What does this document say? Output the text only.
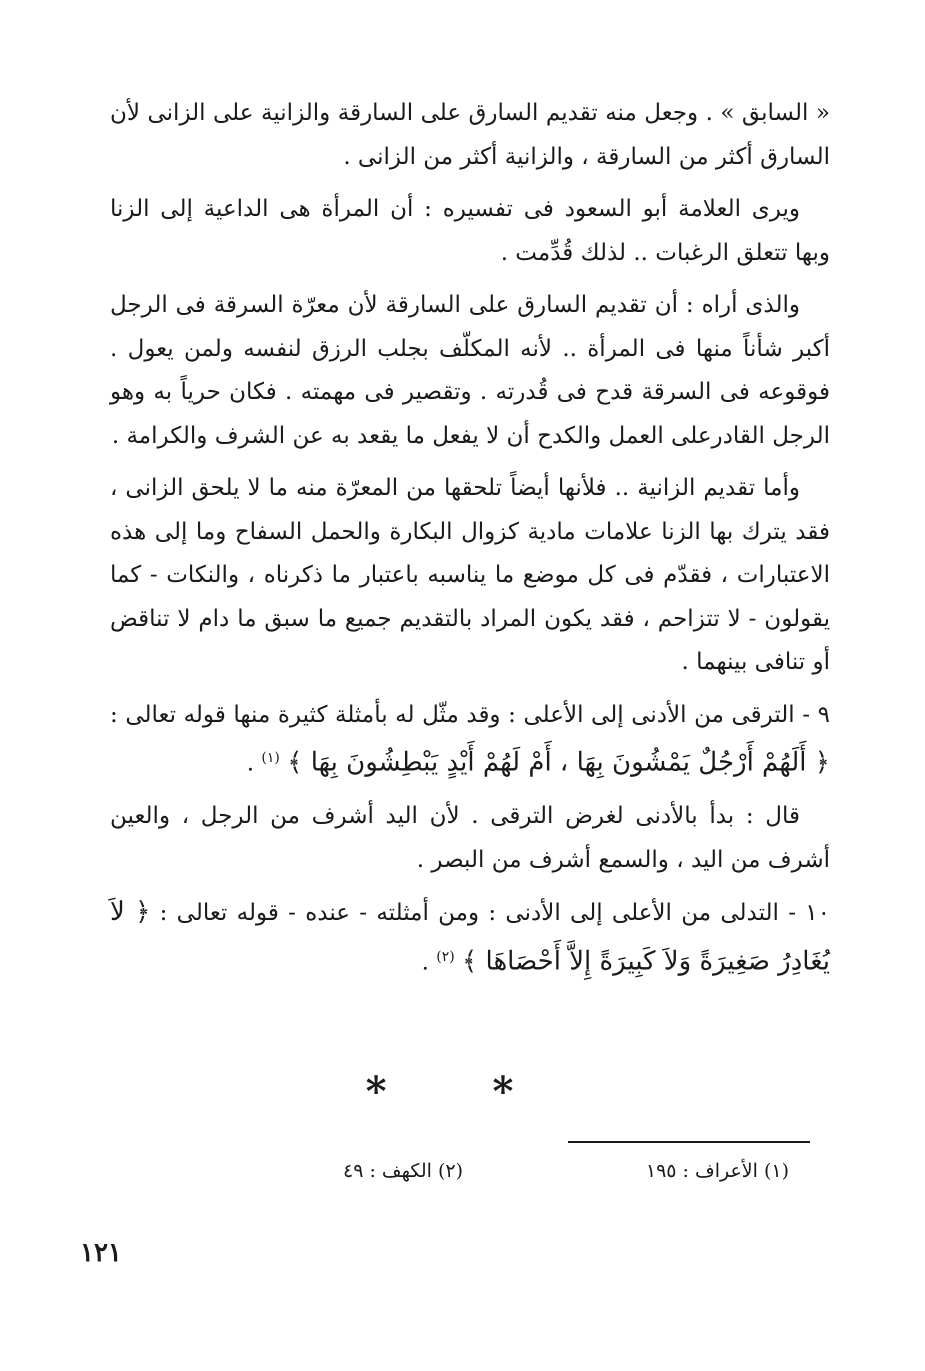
« السابق » . وجعل منه تقديم السارق على السارقة والزانية على الزانى لأن السارق أكثر من السارقة ، والزانية أكثر من الزانى .

ويرى العلامة أبو السعود فى تفسيره : أن المرأة هى الداعية إلى الزنا وبها تتعلق الرغبات .. لذلك قُدِّمت .

والذى أراه : أن تقديم السارق على السارقة لأن معرّة السرقة فى الرجل أكبر شأناً منها فى المرأة .. لأنه المكلّف بجلب الرزق لنفسه ولمن يعول . فوقوعه فى السرقة قدح فى قُدرته . وتقصير فى مهمته . فكان حرياً به وهو الرجل القادرعلى العمل والكدح أن لا يفعل ما يقعد به عن الشرف والكرامة .

وأما تقديم الزانية .. فلأنها أيضاً تلحقها من المعرّة منه ما لا يلحق الزانى ، فقد يترك بها الزنا علامات مادية كزوال البكارة والحمل السفاح وما إلى هذه الاعتبارات ، فقدّم فى كل موضع ما يناسبه باعتبار ما ذكرناه ، والنكات - كما يقولون - لا تتزاحم ، فقد يكون المراد بالتقديم جميع ما سبق ما دام لا تناقض أو تنافى بينهما .

٩ - الترقى من الأدنى إلى الأعلى : وقد مثّل له بأمثلة كثيرة منها قوله تعالى : ﴿ أَلَهُمْ أَرْجُلٌ يَمْشُونَ بِهَا ، أَمْ لَهُمْ أَيْدٍ يَبْطِشُونَ بِهَا ﴾ $^{(١)}$ .

قال : بدأ بالأدنى لغرض الترقى . لأن اليد أشرف من الرجل ، والعين أشرف من اليد ، والسمع أشرف من البصر .

١٠ - التدلى من الأعلى إلى الأدنى : ومن أمثلته - عنده - قوله تعالى : ﴿ لاَ يُغَادِرُ صَغِيرَةً وَلاَ كَبِيرَةً إِلاَّ أَحْصَاهَا ﴾ $^{(٢)}$ .

* *
(١) الأعراف : ١٩٥
(٢) الكهف : ٤٩
١٢١
